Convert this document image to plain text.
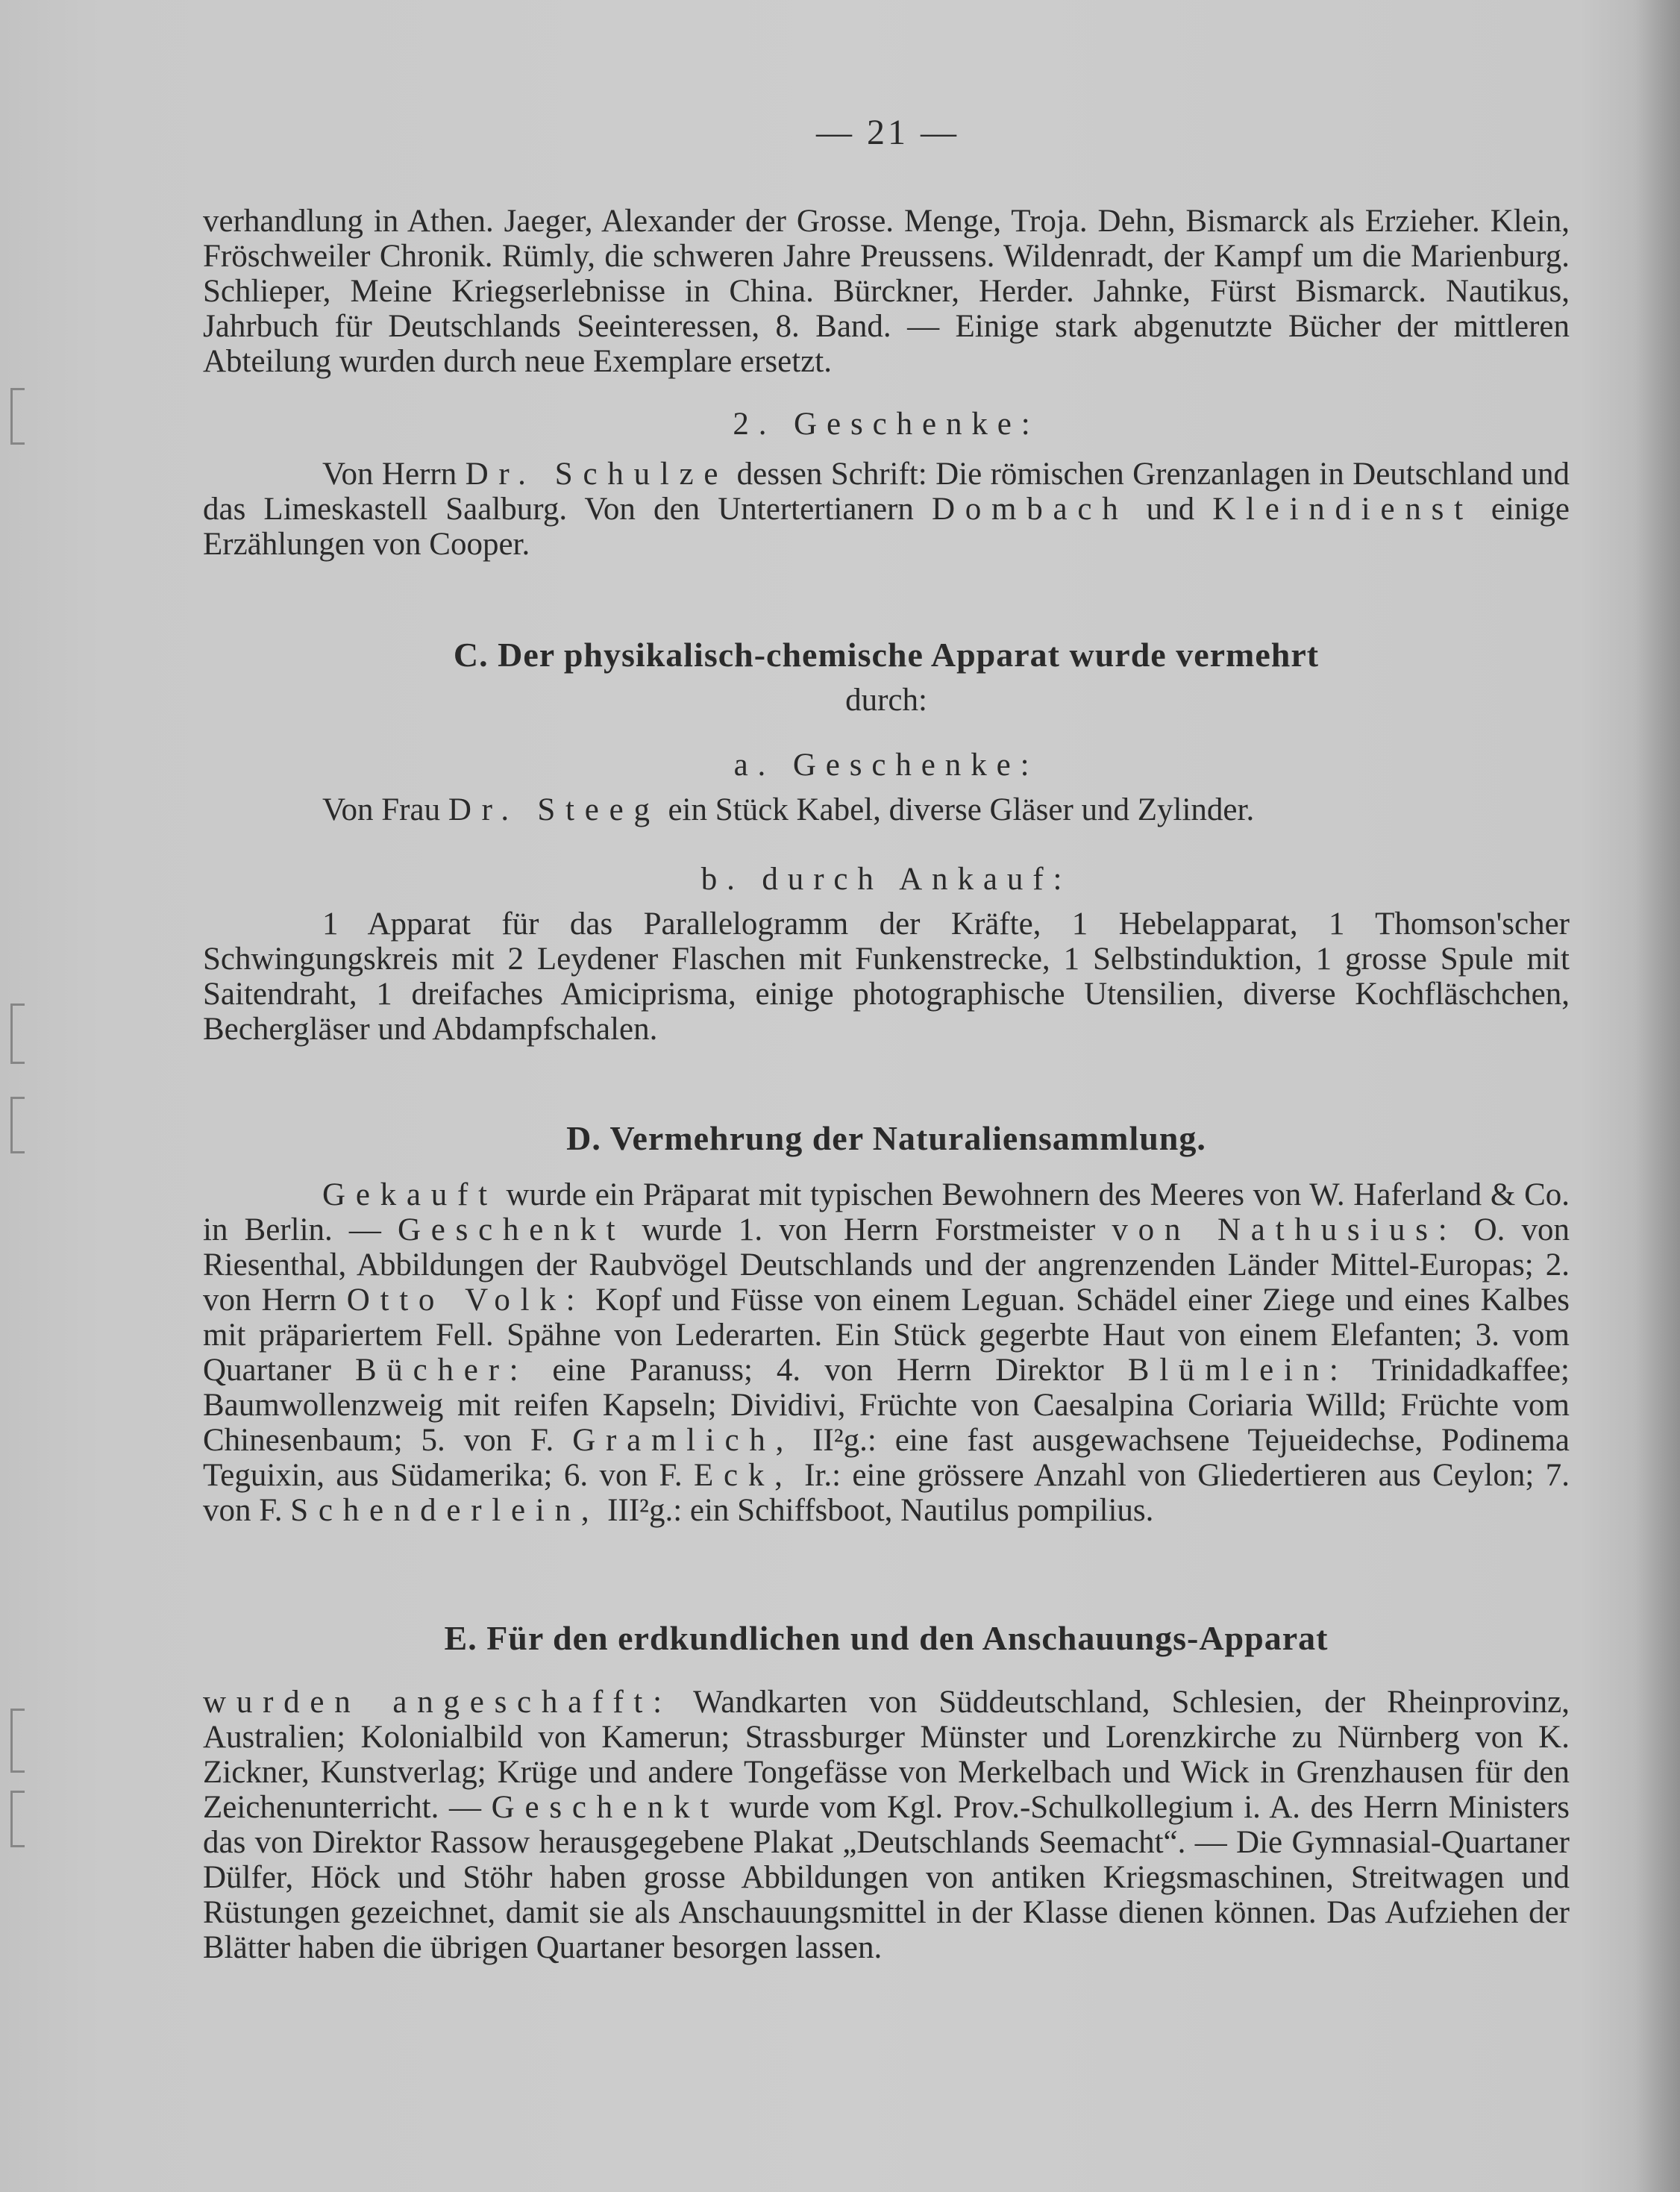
— 21 —

verhandlung in Athen. Jaeger, Alexander der Grosse. Menge, Troja. Dehn, Bismarck als Erzieher. Klein, Fröschweiler Chronik. Rümly, die schweren Jahre Preussens. Wildenradt, der Kampf um die Marienburg. Schlieper, Meine Kriegserlebnisse in China. Bürckner, Herder. Jahnke, Fürst Bismarck. Nautikus, Jahrbuch für Deutschlands Seeinteressen, 8. Band. — Einige stark abgenutzte Bücher der mittleren Abteilung wurden durch neue Exemplare ersetzt.

2. Geschenke:

Von Herrn Dr. Schulze dessen Schrift: Die römischen Grenzanlagen in Deutschland und das Limeskastell Saalburg. Von den Untertertianern Dombach und Kleindienst einige Erzählungen von Cooper.

C. Der physikalisch-chemische Apparat wurde vermehrt
durch:
a. Geschenke:

Von Frau Dr. Steeg ein Stück Kabel, diverse Gläser und Zylinder.

b. durch Ankauf:

1 Apparat für das Parallelogramm der Kräfte, 1 Hebelapparat, 1 Thomson'scher Schwingungskreis mit 2 Leydener Flaschen mit Funkenstrecke, 1 Selbstinduktion, 1 grosse Spule mit Saitendraht, 1 dreifaches Amiciprisma, einige photographische Utensilien, diverse Kochfläschchen, Bechergläser und Abdampfschalen.

D. Vermehrung der Naturaliensammlung.

Gekauft wurde ein Präparat mit typischen Bewohnern des Meeres von W. Haferland & Co. in Berlin. — Geschenkt wurde 1. von Herrn Forstmeister von Nathusius: O. von Riesenthal, Abbildungen der Raubvögel Deutschlands und der angrenzenden Länder Mittel-Europas; 2. von Herrn Otto Volk: Kopf und Füsse von einem Leguan. Schädel einer Ziege und eines Kalbes mit präpariertem Fell. Spähne von Lederarten. Ein Stück gegerbte Haut von einem Elefanten; 3. vom Quartaner Bücher: eine Paranuss; 4. von Herrn Direktor Blümlein: Trinidadkaffee; Baumwollenzweig mit reifen Kapseln; Dividivi, Früchte von Caesalpina Coriaria Willd; Früchte vom Chinesenbaum; 5. von F. Gramlich, II²g.: eine fast ausgewachsene Tejueidechse, Podinema Teguixin, aus Südamerika; 6. von F. Eck, Ir.: eine grössere Anzahl von Gliedertieren aus Ceylon; 7. von F. Schenderlein, III²g.: ein Schiffsboot, Nautilus pompilius.

E. Für den erdkundlichen und den Anschauungs-Apparat

wurden angeschafft: Wandkarten von Süddeutschland, Schlesien, der Rheinprovinz, Australien; Kolonialbild von Kamerun; Strassburger Münster und Lorenzkirche zu Nürnberg von K. Zickner, Kunstverlag; Krüge und andere Tongefässe von Merkelbach und Wick in Grenzhausen für den Zeichenunterricht. — Geschenkt wurde vom Kgl. Prov.-Schulkollegium i. A. des Herrn Ministers das von Direktor Rassow herausgegebene Plakat „Deutschlands Seemacht“. — Die Gymnasial-Quartaner Dülfer, Höck und Stöhr haben grosse Abbildungen von antiken Kriegsmaschinen, Streitwagen und Rüstungen gezeichnet, damit sie als Anschauungsmittel in der Klasse dienen können. Das Aufziehen der Blätter haben die übrigen Quartaner besorgen lassen.
